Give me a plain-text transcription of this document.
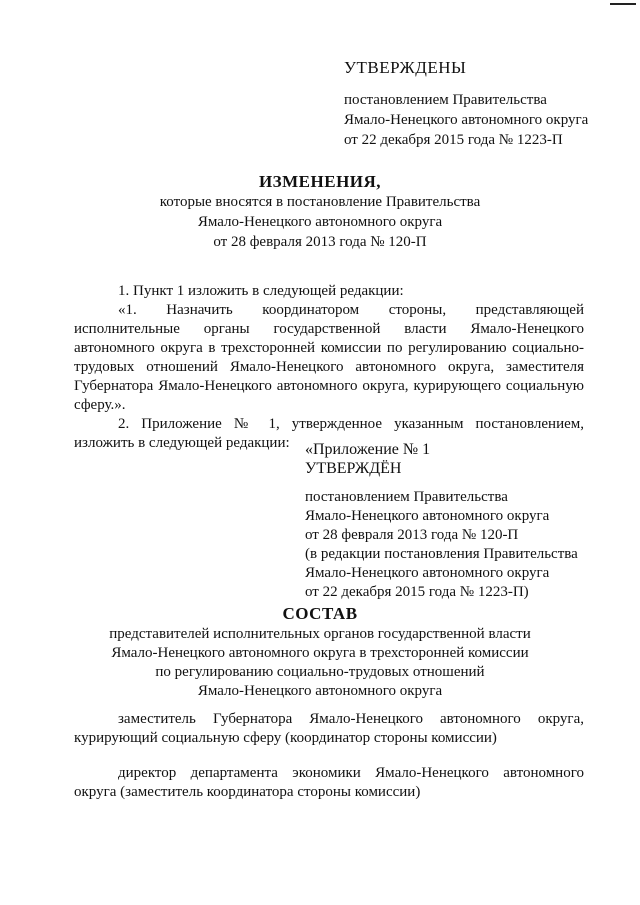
УТВЕРЖДЕНЫ
постановлением Правительства
Ямало-Ненецкого автономного округа
от 22 декабря 2015 года № 1223-П
ИЗМЕНЕНИЯ,
которые вносятся в постановление Правительства
Ямало-Ненецкого автономного округа
от 28 февраля 2013 года № 120-П

1. Пункт 1 изложить в следующей редакции:

«1. Назначить координатором стороны, представляющей исполнительные органы государственной власти Ямало-Ненецкого автономного округа в трехсторонней комиссии по регулированию социально-трудовых отношений Ямало-Ненецкого автономного округа, заместителя Губернатора Ямало-Ненецкого автономного округа, курирующего социальную сферу.».

2. Приложение № 1, утвержденное указанным постановлением, изложить в следующей редакции: «Приложение № 1
УТВЕРЖДЁН
постановлением Правительства
Ямало-Ненецкого автономного округа
от 28 февраля 2013 года № 120-П
(в редакции постановления Правительства
Ямало-Ненецкого автономного округа
от 22 декабря 2015 года № 1223-П)
СОСТАВ
представителей исполнительных органов государственной власти
Ямало-Ненецкого автономного округа в трехсторонней комиссии
по регулированию социально-трудовых отношений
Ямало-Ненецкого автономного округа

заместитель Губернатора Ямало-Ненецкого автономного округа, курирующий социальную сферу (координатор стороны комиссии)

директор департамента экономики Ямало-Ненецкого автономного округа (заместитель координатора стороны комиссии)
